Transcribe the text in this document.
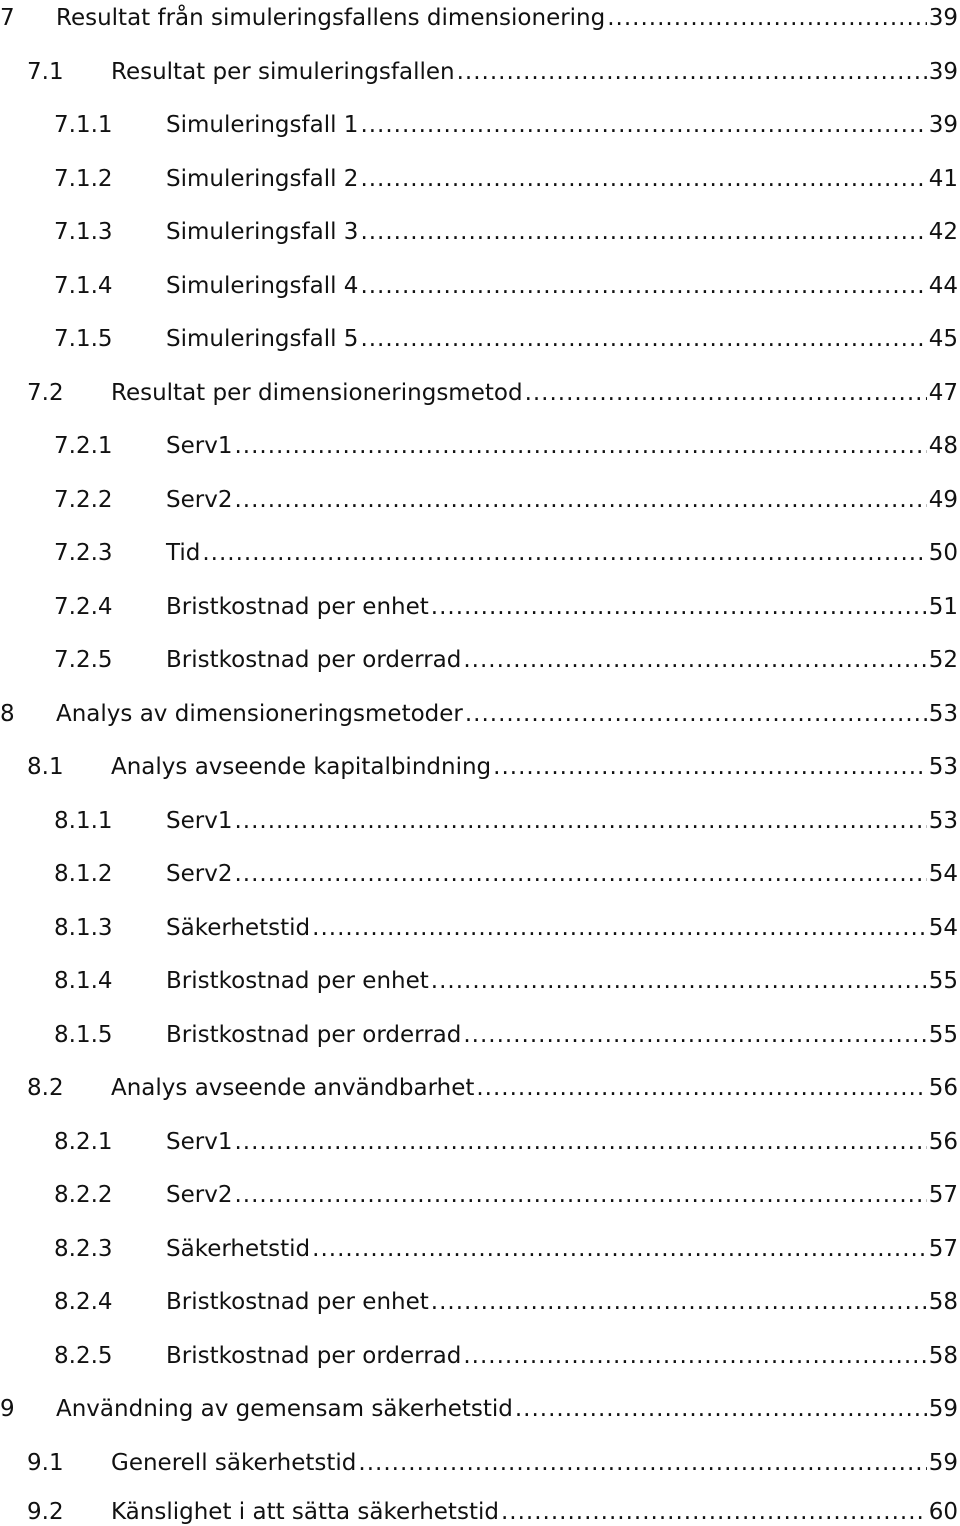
7	Resultat från simuleringsfallens dimensionering .....	39
7.1	Resultat per simuleringsfallen .....	39
7.1.1	Simuleringsfall 1 .....	39
7.1.2	Simuleringsfall 2 .....	41
7.1.3	Simuleringsfall 3 .....	42
7.1.4	Simuleringsfall 4 .....	44
7.1.5	Simuleringsfall 5 .....	45
7.2	Resultat per dimensioneringsmetod .....	47
7.2.1	Serv1 .....	48
7.2.2	Serv2 .....	49
7.2.3	Tid .....	50
7.2.4	Bristkostnad per enhet .....	51
7.2.5	Bristkostnad per orderrad .....	52
8	Analys av dimensioneringsmetoder .....	53
8.1	Analys avseende kapitalbindning .....	53
8.1.1	Serv1 .....	53
8.1.2	Serv2 .....	54
8.1.3	Säkerhetstid .....	54
8.1.4	Bristkostnad per enhet .....	55
8.1.5	Bristkostnad per orderrad .....	55
8.2	Analys avseende användbarhet .....	56
8.2.1	Serv1 .....	56
8.2.2	Serv2 .....	57
8.2.3	Säkerhetstid .....	57
8.2.4	Bristkostnad per enhet .....	58
8.2.5	Bristkostnad per orderrad .....	58
9	Användning av gemensam säkerhetstid .....	59
9.1	Generell säkerhetstid .....	59
9.2	Känslighet i att sätta säkerhetstid .....	60
